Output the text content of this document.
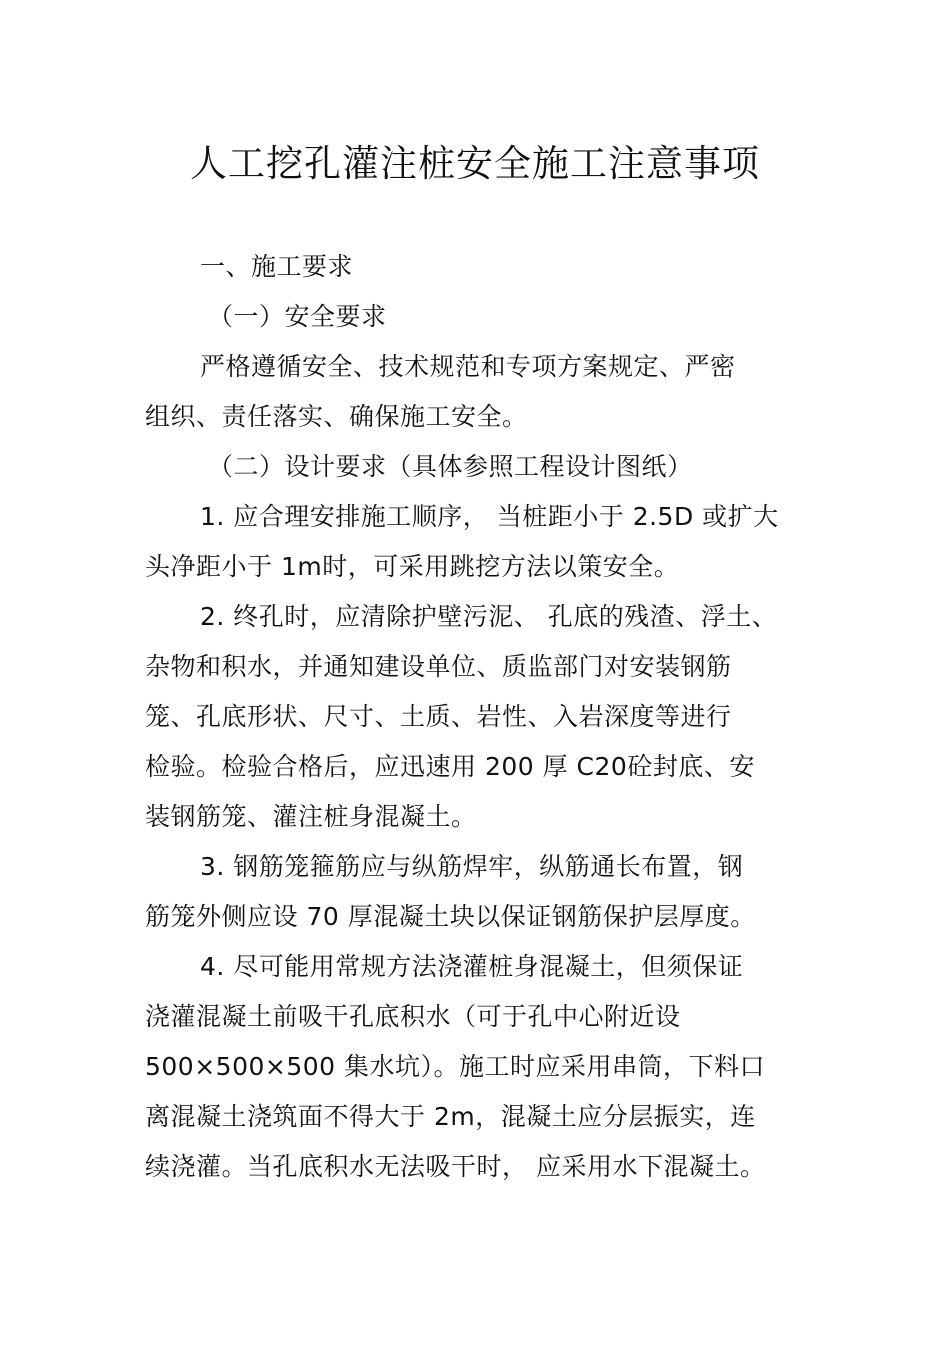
人工挖孔灌注桩安全施工注意事项
一、施工要求
（一）安全要求
严格遵循安全、技术规范和专项方案规定、严密
组织、责任落实、确保施工安全。
（二）设计要求（具体参照工程设计图纸）
1. 应合理安排施工顺序， 当桩距小于 2.5D 或扩大
头净距小于 1m时，可采用跳挖方法以策安全。
2. 终孔时，应清除护壁污泥、 孔底的残渣、浮土、
杂物和积水，并通知建设单位、质监部门对安装钢筋
笼、孔底形状、尺寸、土质、岩性、入岩深度等进行
检验。检验合格后，应迅速用 200 厚 C20砼封底、安
装钢筋笼、灌注桩身混凝土。
3. 钢筋笼箍筋应与纵筋焊牢，纵筋通长布置，钢
筋笼外侧应设 70 厚混凝土块以保证钢筋保护层厚度。
4. 尽可能用常规方法浇灌桩身混凝土，但须保证
浇灌混凝土前吸干孔底积水（可于孔中心附近设
500×500×500 集水坑）。施工时应采用串筒，下料口
离混凝土浇筑面不得大于 2m，混凝土应分层振实，连
续浇灌。当孔底积水无法吸干时， 应采用水下混凝土。
